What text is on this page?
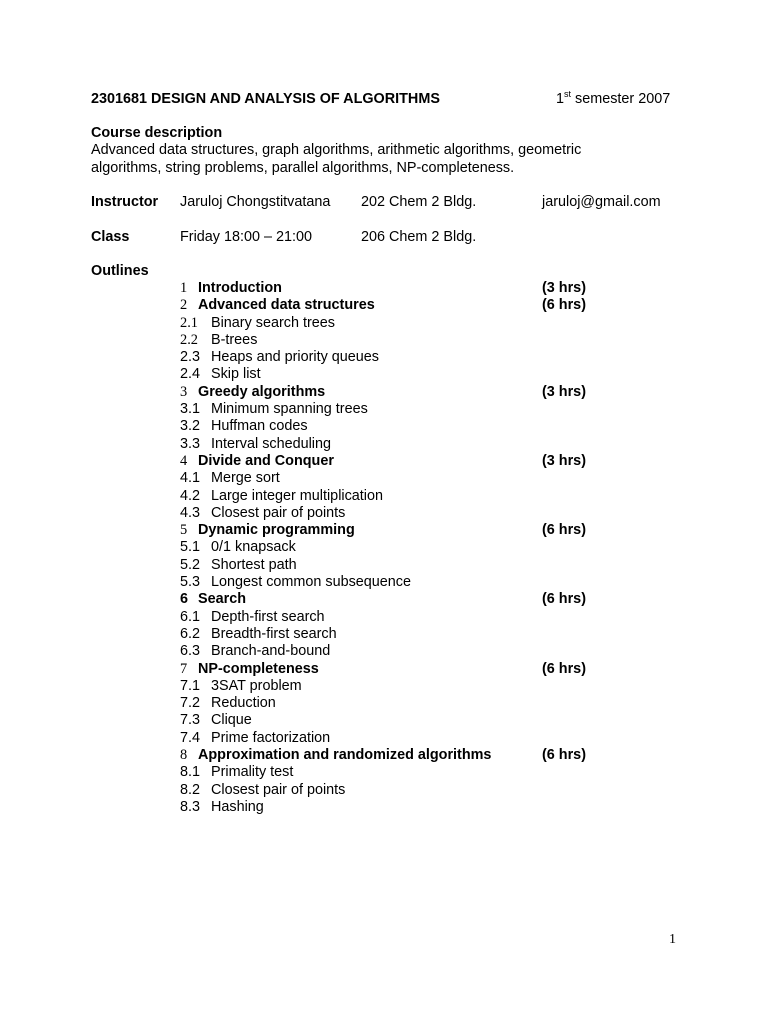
2301681 DESIGN AND ANALYSIS OF ALGORITHMS	1st semester 2007
Course description
Advanced data structures, graph algorithms, arithmetic algorithms, geometric
algorithms, string problems, parallel algorithms, NP-completeness.
Instructor Jaruloj Chongstitvatana 202 Chem 2 Bldg.	jaruloj@gmail.com
Class	Friday 18:00 – 21:00	206 Chem 2 Bldg.
Outlines
1 Introduction	(3 hrs)
2 Advanced data structures	(6 hrs)
2.1 Binary search trees
2.2 B-trees
2.3 Heaps and priority queues
2.4 Skip list
3 Greedy algorithms	(3 hrs)
3.1 Minimum spanning trees
3.2 Huffman codes
3.3 Interval scheduling
4 Divide and Conquer	(3 hrs)
4.1 Merge sort
4.2 Large integer multiplication
4.3 Closest pair of points
5 Dynamic programming	(6 hrs)
5.1 0/1 knapsack
5.2 Shortest path
5.3 Longest common subsequence
6 Search	(6 hrs)
6.1 Depth-first search
6.2 Breadth-first search
6.3 Branch-and-bound
7 NP-completeness	(6 hrs)
7.1 3SAT problem
7.2 Reduction
7.3 Clique
7.4 Prime factorization
8 Approximation and randomized algorithms	(6 hrs)
8.1 Primality test
8.2 Closest pair of points
8.3 Hashing
1
